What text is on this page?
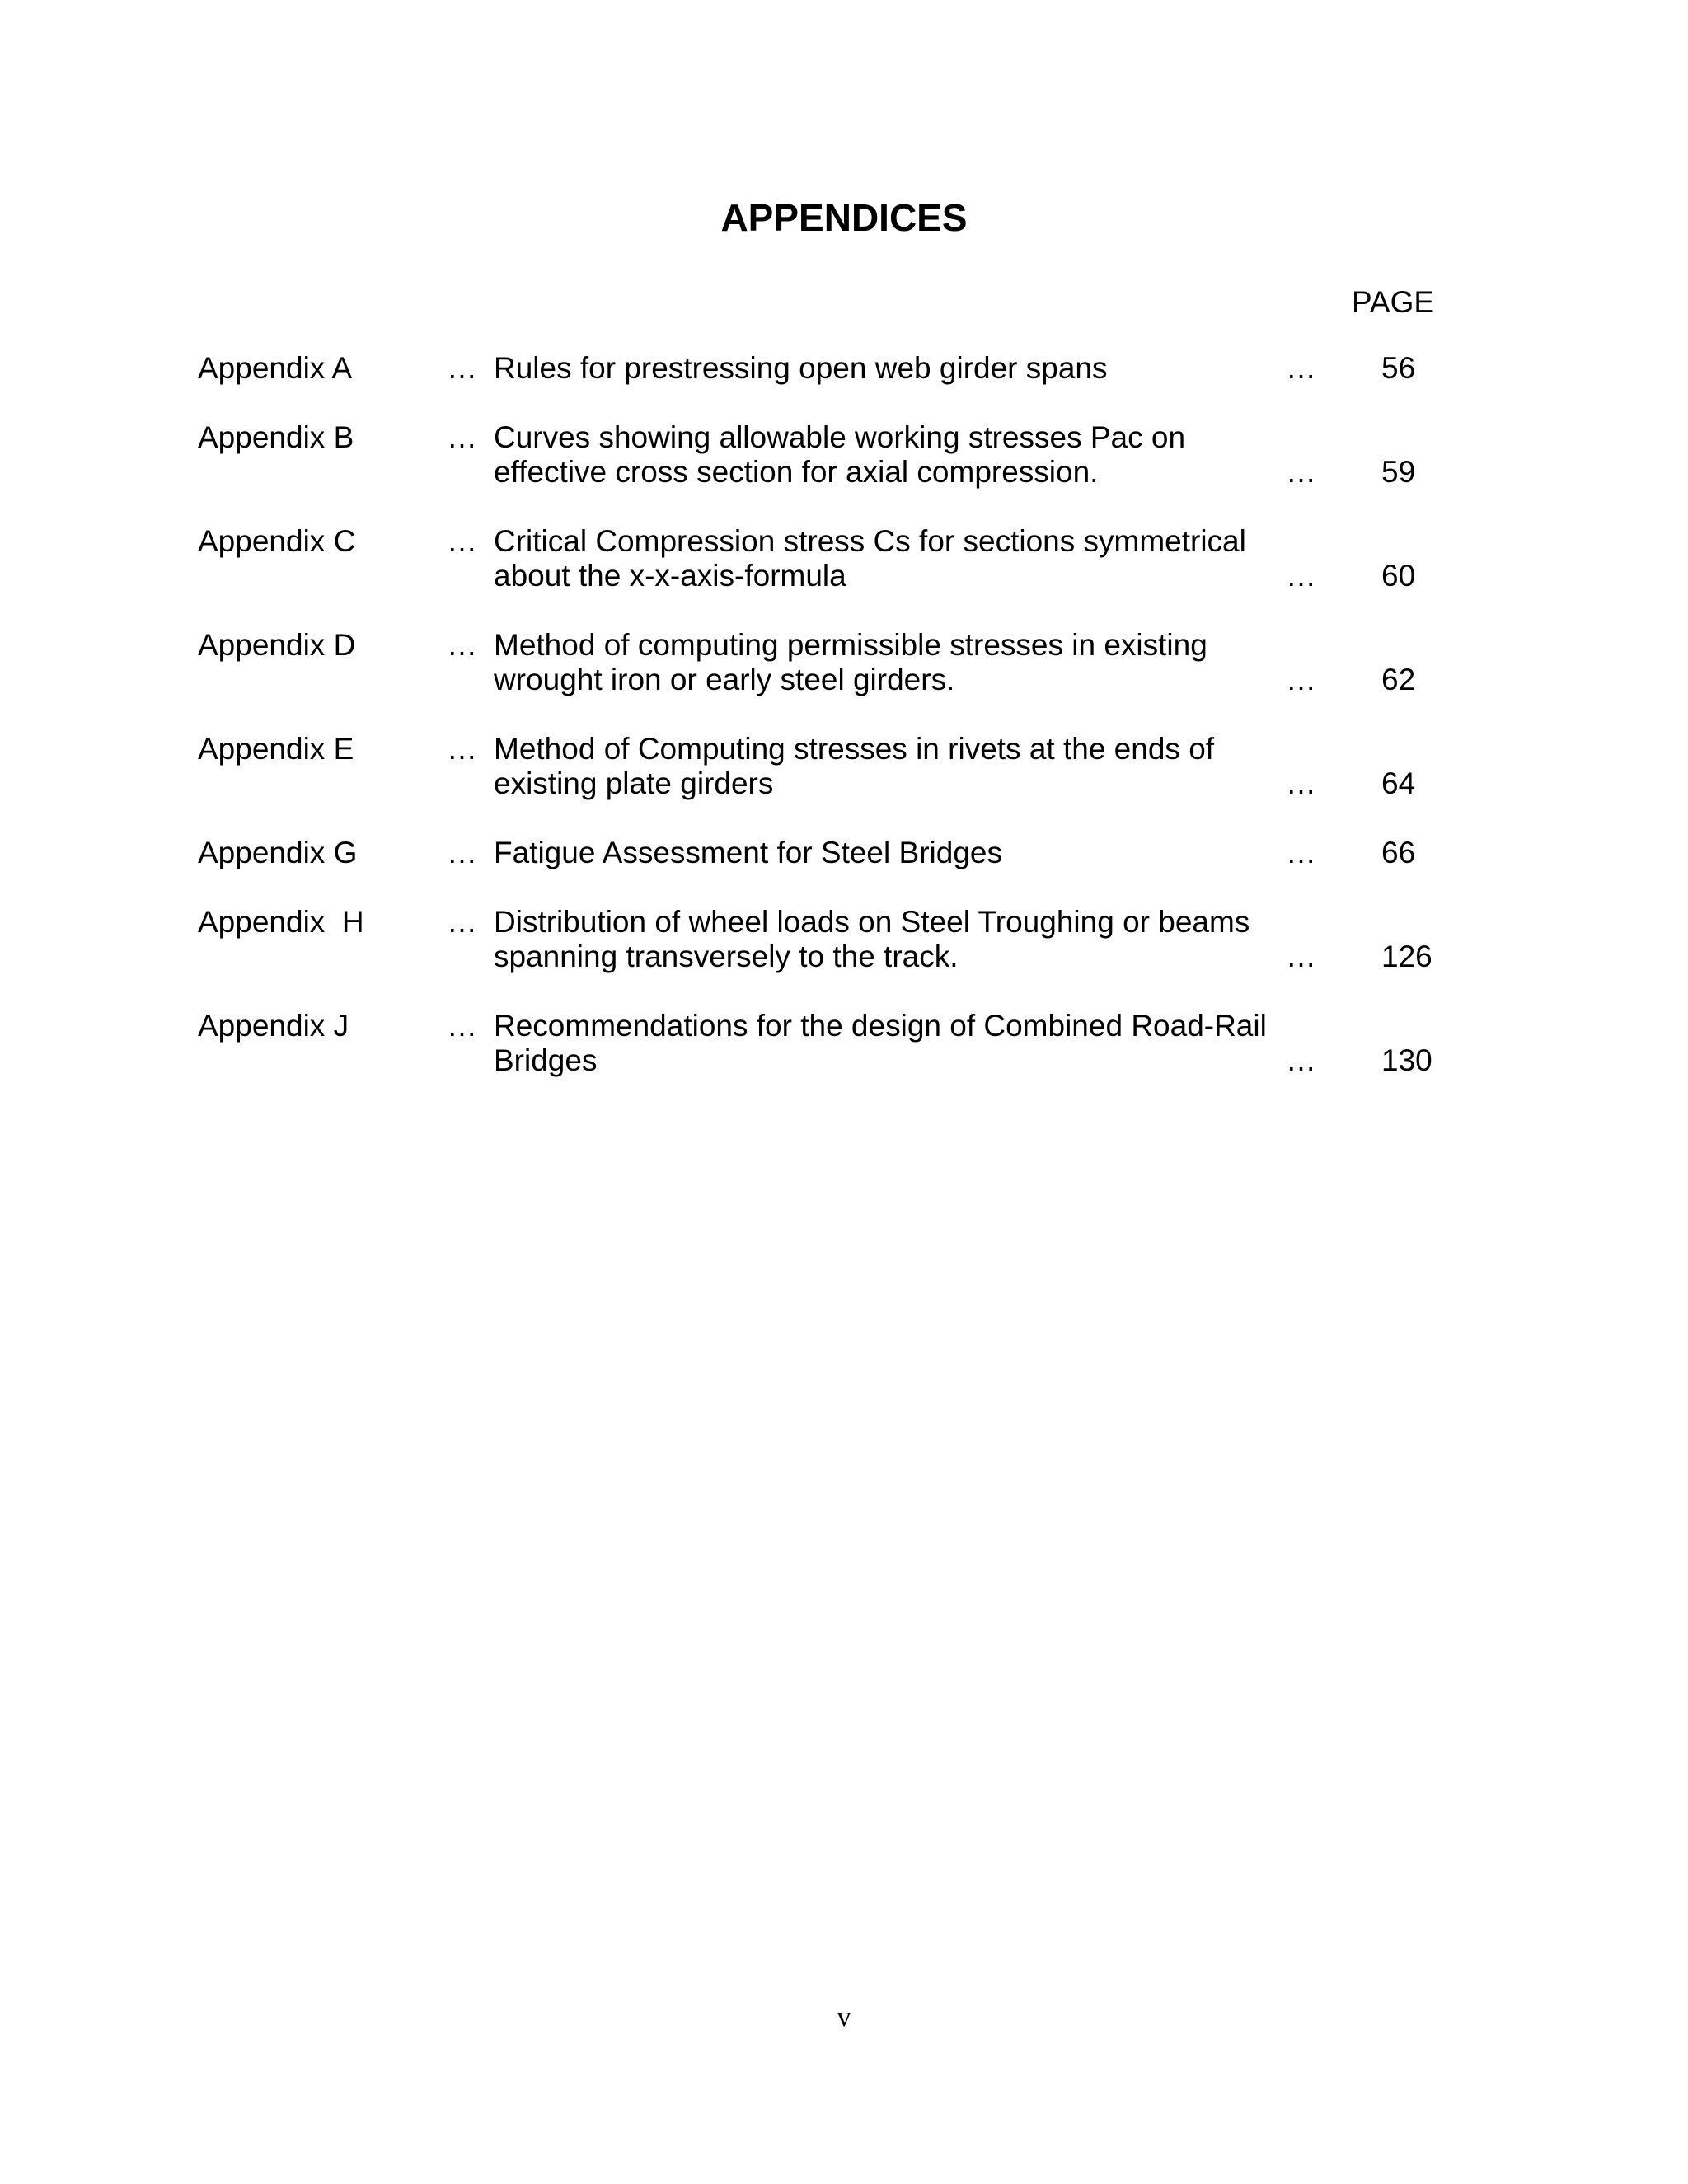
APPENDICES
PAGE
Appendix A	… Rules for prestressing open web girder spans	… 56
Appendix B	… Curves showing allowable working stresses Pac on
effective cross section for axial compression.	… 59
Appendix C	… Critical Compression stress Cs for sections symmetrical
about the x-x-axis-formula	… 60
Appendix D	… Method of computing permissible stresses in existing
wrought iron or early steel girders.	… 62
Appendix E	… Method of Computing stresses in rivets at the ends of
existing plate girders	… 64
Appendix G	… Fatigue Assessment for Steel Bridges	… 66
Appendix  H	… Distribution of wheel loads on Steel Troughing or beams
spanning transversely to the track.	… 126
Appendix J	… Recommendations for the design of Combined Road-Rail
Bridges	… 130
v
